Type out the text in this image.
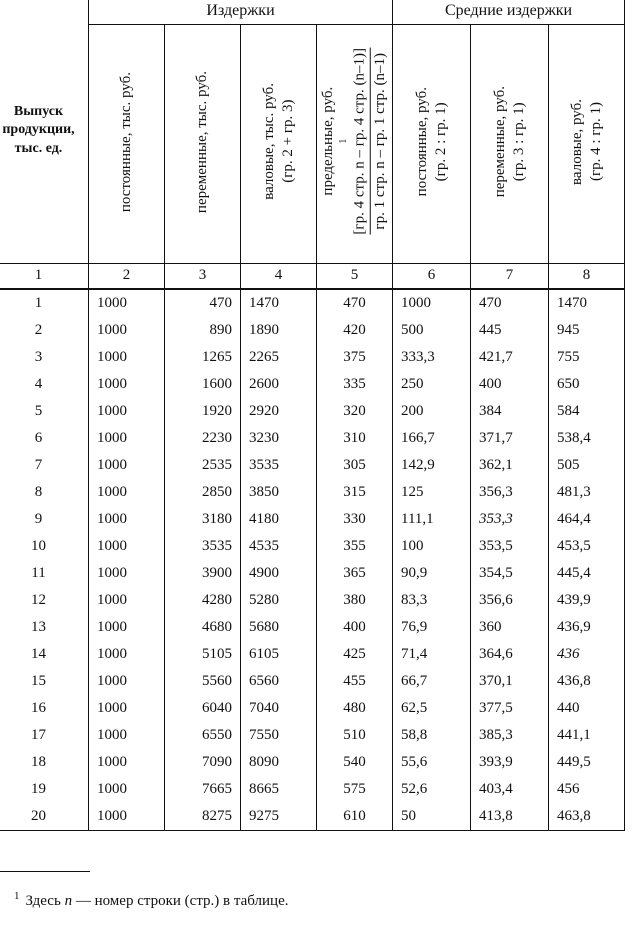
Выпуск
продукции,
тыс. ед.	Издержки				Средние издержки		

	постоянные, тыс. руб.	переменные, тыс. руб.	валовые, тыс. руб. (гр. 2 + гр. 3)	предельные, руб. 1 [гр. 4 стр. n – гр. 4 стр. (n–1)] гр. 1 стр. n – гр. 1 стр. (n–1)	постоянные, руб. (гр. 2 : гр. 1)	переменные, руб. (гр. 3 : гр. 1)	валовые, руб. (гр. 4 : гр. 1)

1	2	3	4	5	6	7	8
1	1000	470	1470	470	1000	470	1470
2	1000	890	1890	420	500	445	945
3	1000	1265	2265	375	333,3	421,7	755
4	1000	1600	2600	335	250	400	650
5	1000	1920	2920	320	200	384	584
6	1000	2230	3230	310	166,7	371,7	538,4
7	1000	2535	3535	305	142,9	362,1	505
8	1000	2850	3850	315	125	356,3	481,3
9	1000	3180	4180	330	111,1	353,3	464,4
10	1000	3535	4535	355	100	353,5	453,5
11	1000	3900	4900	365	90,9	354,5	445,4
12	1000	4280	5280	380	83,3	356,6	439,9
13	1000	4680	5680	400	76,9	360	436,9
14	1000	5105	6105	425	71,4	364,6	436
15	1000	5560	6560	455	66,7	370,1	436,8
16	1000	6040	7040	480	62,5	377,5	440
17	1000	6550	7550	510	58,8	385,3	441,1
18	1000	7090	8090	540	55,6	393,9	449,5
19	1000	7665	8665	575	52,6	403,4	456
20	1000	8275	9275	610	50	413,8	463,8
$^1$ Здесь n — номер строки (стр.) в таблице.
